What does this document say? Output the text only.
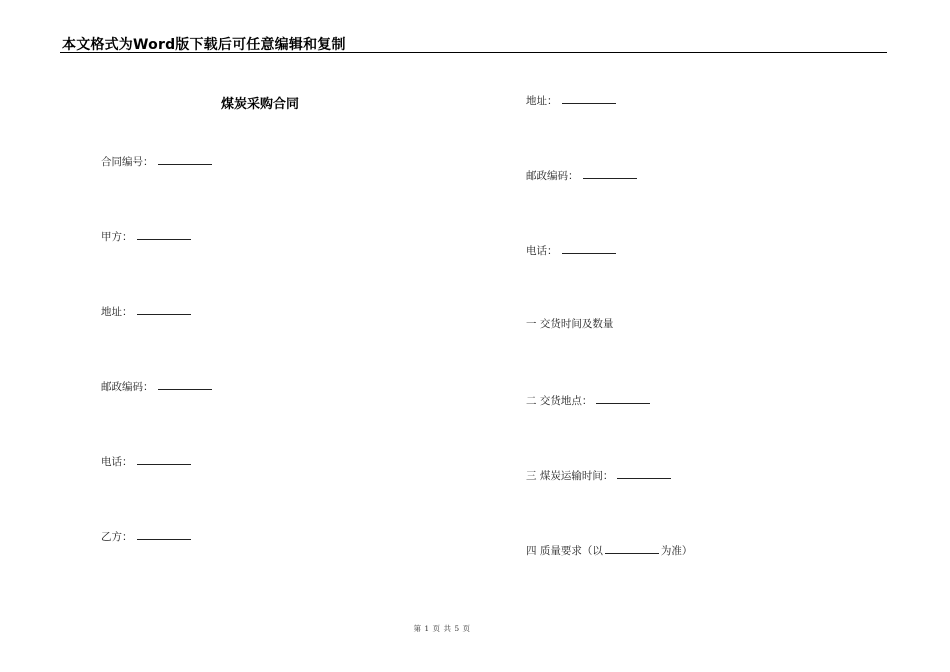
本文格式为Word版下载后可任意编辑和复制
煤炭采购合同
合同编号：
甲方：
地址：
邮政编码：
电话：
乙方：
地址：
邮政编码：
电话：
一 交货时间及数量
二 交货地点：
三 煤炭运输时间：
四 质量要求（以	为准）
第 1 页 共 5 页
